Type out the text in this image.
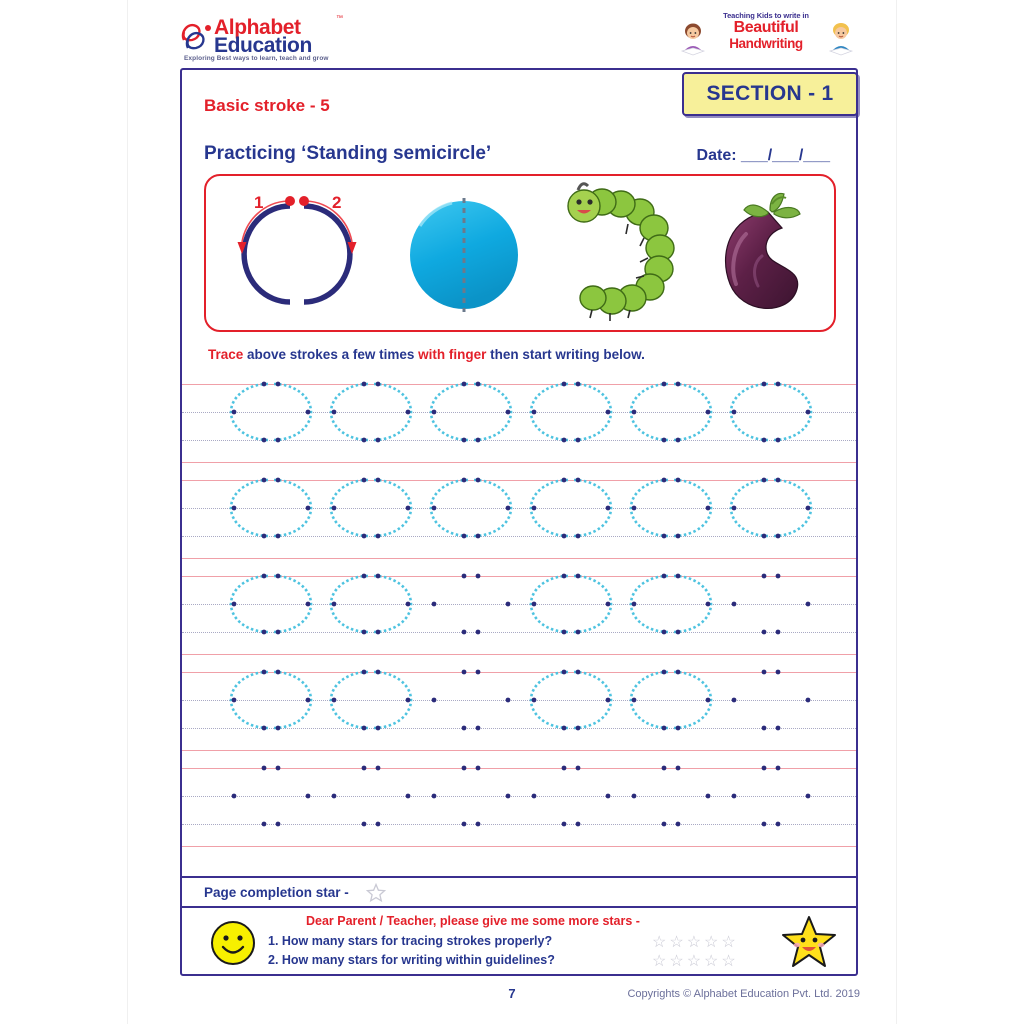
Alphabet	™
Education
Exploring Best ways to learn, teach and grow
Teaching Kids to write in
Beautiful
Handwriting
SECTION - 1
Basic stroke - 5
Practicing ‘Standing semicircle’	Date: ___/___/___
1	2
Trace above strokes a few times with finger then start writing below.
Page completion star -
Dear Parent / Teacher, please give me some more stars -
1. How many stars for tracing strokes properly?
2. How many stars for writing within guidelines?
☆ ☆ ☆ ☆ ☆
☆ ☆ ☆ ☆ ☆
7	Copyrights © Alphabet Education Pvt. Ltd. 2019
